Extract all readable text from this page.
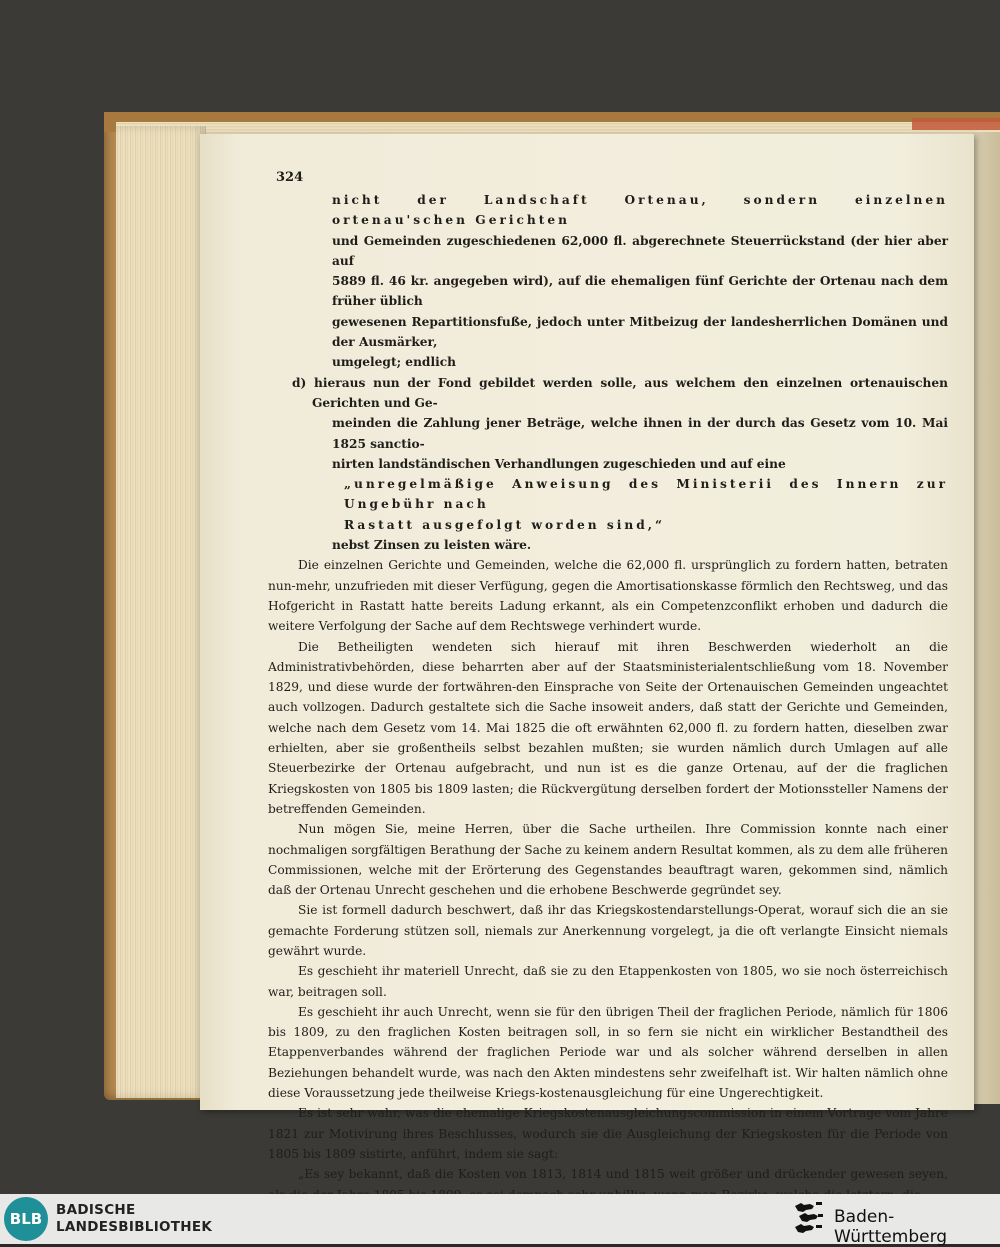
324

nicht der Landschaft Ortenau, sondern einzelnen ortenau'schen Gerichten

und Gemeinden zugeschiedenen 62,000 fl. abgerechnete Steuerrückstand (der hier aber auf

5889 fl. 46 kr. angegeben wird), auf die ehemaligen fünf Gerichte der Ortenau nach dem früher üblich

gewesenen Repartitionsfuße, jedoch unter Mitbeizug der landesherrlichen Domänen und der Ausmärker,

umgelegt; endlich

d) hieraus nun der Fond gebildet werden solle, aus welchem den einzelnen ortenauischen Gerichten und Ge-

meinden die Zahlung jener Beträge, welche ihnen in der durch das Gesetz vom 10. Mai 1825 sanctio-

nirten landständischen Verhandlungen zugeschieden und auf eine

„unregelmäßige Anweisung des Ministerii des Innern zur Ungebühr nach

Rastatt ausgefolgt worden sind,“

nebst Zinsen zu leisten wäre.

Die einzelnen Gerichte und Gemeinden, welche die 62,000 fl. ursprünglich zu fordern hatten, betraten nun-mehr, unzufrieden mit dieser Verfügung, gegen die Amortisationskasse förmlich den Rechtsweg, und das Hofgericht in Rastatt hatte bereits Ladung erkannt, als ein Competenzconflikt erhoben und dadurch die weitere Verfolgung der Sache auf dem Rechtswege verhindert wurde.

Die Betheiligten wendeten sich hierauf mit ihren Beschwerden wiederholt an die Administrativbehörden, diese beharrten aber auf der Staatsministerialentschließung vom 18. November 1829, und diese wurde der fortwähren-den Einsprache von Seite der Ortenauischen Gemeinden ungeachtet auch vollzogen. Dadurch gestaltete sich die Sache insoweit anders, daß statt der Gerichte und Gemeinden, welche nach dem Gesetz vom 14. Mai 1825 die oft erwähnten 62,000 fl. zu fordern hatten, dieselben zwar erhielten, aber sie großentheils selbst bezahlen mußten; sie wurden nämlich durch Umlagen auf alle Steuerbezirke der Ortenau aufgebracht, und nun ist es die ganze Ortenau, auf der die fraglichen Kriegskosten von 1805 bis 1809 lasten; die Rückvergütung derselben fordert der Motionssteller Namens der betreffenden Gemeinden.

Nun mögen Sie, meine Herren, über die Sache urtheilen. Ihre Commission konnte nach einer nochmaligen sorgfältigen Berathung der Sache zu keinem andern Resultat kommen, als zu dem alle früheren Commissionen, welche mit der Erörterung des Gegenstandes beauftragt waren, gekommen sind, nämlich daß der Ortenau Unrecht geschehen und die erhobene Beschwerde gegründet sey.

Sie ist formell dadurch beschwert, daß ihr das Kriegskostendarstellungs-Operat, worauf sich die an sie gemachte Forderung stützen soll, niemals zur Anerkennung vorgelegt, ja die oft verlangte Einsicht niemals gewährt wurde.

Es geschieht ihr materiell Unrecht, daß sie zu den Etappenkosten von 1805, wo sie noch österreichisch war, beitragen soll.

Es geschieht ihr auch Unrecht, wenn sie für den übrigen Theil der fraglichen Periode, nämlich für 1806 bis 1809, zu den fraglichen Kosten beitragen soll, in so fern sie nicht ein wirklicher Bestandtheil des Etappenverbandes während der fraglichen Periode war und als solcher während derselben in allen Beziehungen behandelt wurde, was nach den Akten mindestens sehr zweifelhaft ist. Wir halten nämlich ohne diese Voraussetzung jede theilweise Kriegs-kostenausgleichung für eine Ungerechtigkeit.

Es ist sehr wahr, was die ehemalige Kriegskostenausgleichungscommission in einem Vortrage vom Jahre 1821 zur Motivirung ihres Beschlusses, wodurch sie die Ausgleichung der Kriegskosten für die Periode von 1805 bis 1809 sistirte, anführt, indem sie sagt:

„Es sey bekannt, daß die Kosten von 1813, 1814 und 1815 weit größer und drückender gewesen seyen,

BLB	BADISCHE
LANDESBIBLIOTHEK	Baden-Württemberg
